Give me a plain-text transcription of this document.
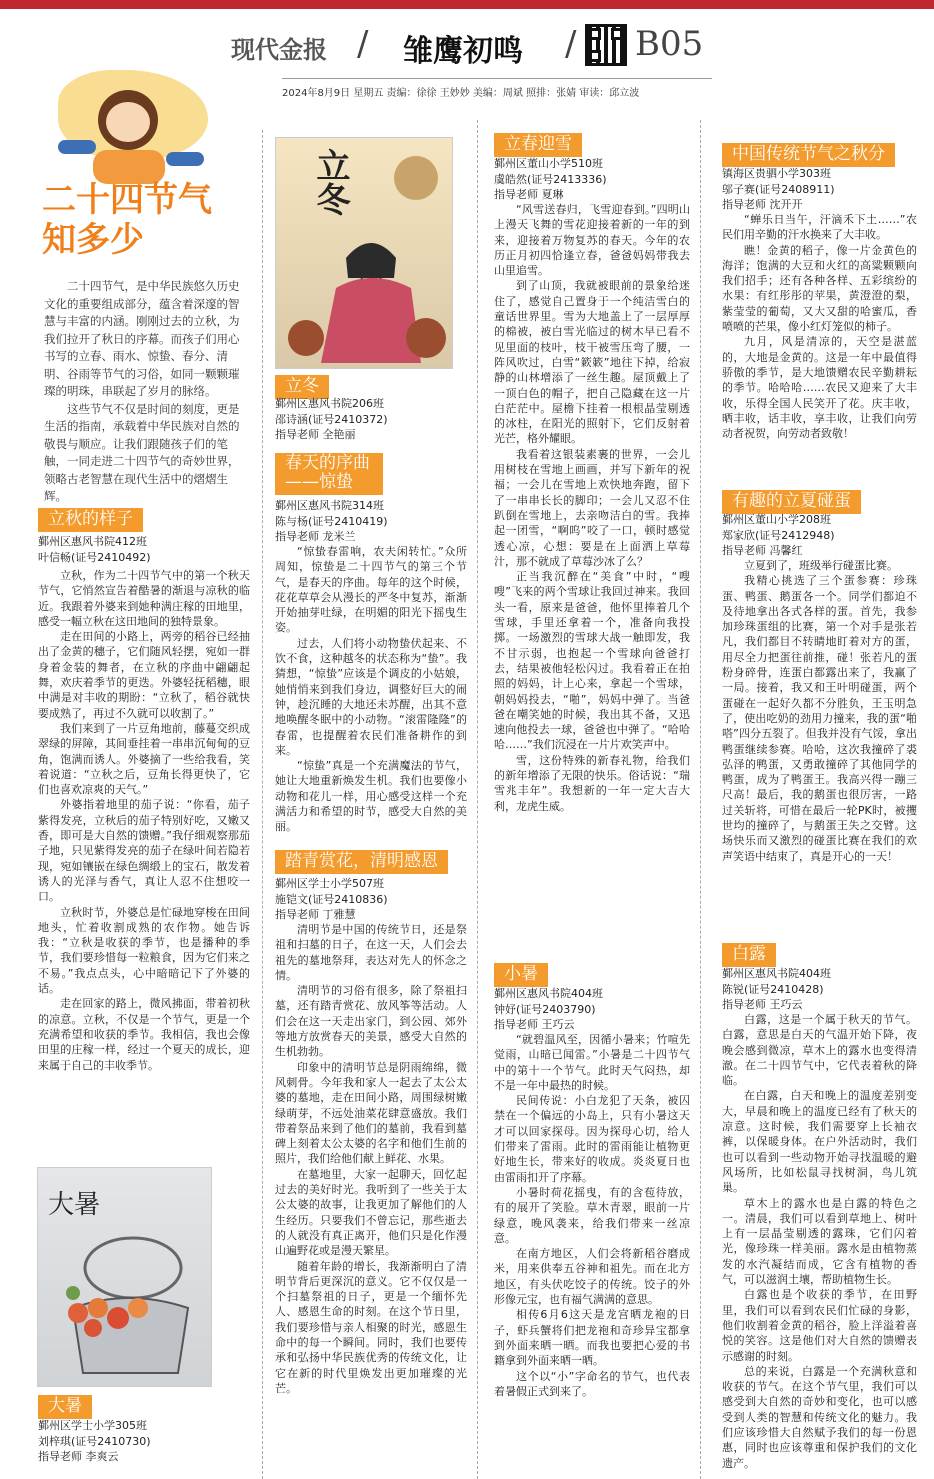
现代金报 / 雏鹰初鸣 / B05
2024年8月9日 星期五 责编：徐徐 王妙妙 美编：周斌 照排：张婧 审读：邱立波
二十四节气
知多少

二十四节气，是中华民族悠久历史文化的重要组成部分，蕴含着深邃的智慧与丰富的内涵。刚刚过去的立秋，为我们拉开了秋日的序幕。而孩子们用心书写的立春、雨水、惊蛰、春分、清明、谷雨等节气的习俗，如同一颗颗璀璨的明珠，串联起了岁月的脉络。

这些节气不仅是时间的刻度，更是生活的指南，承载着中华民族对自然的敬畏与顺应。让我们跟随孩子们的笔触，一同走进二十四节气的奇妙世界，领略古老智慧在现代生活中的熠熠生辉。

立秋的样子
鄞州区惠风书院412班
叶信畅(证号2410492)

立秋，作为二十四节气中的第一个秋天节气，它悄然宣告着酷暑的渐退与凉秋的临近。我跟着外婆来到她种满庄稼的田地里，感受一幅立秋在这田地间的独特景象。

走在田间的小路上，两旁的稻谷已经抽出了金黄的穗子，它们随风轻摆，宛如一群身着金装的舞者，在立秋的序曲中翩翩起舞，欢庆着季节的更迭。外婆轻抚稻穗，眼中满是对丰收的期盼：“立秋了，稻谷就快要成熟了，再过不久就可以收割了。”

我们来到了一片豆角地前，藤蔓交织成翠绿的屏障，其间垂挂着一串串沉甸甸的豆角，饱满而诱人。外婆摘了一些给我看，笑着说道：“立秋之后，豆角长得更快了，它们也喜欢凉爽的天气。”

外婆指着地里的茄子说：“你看，茄子紫得发亮，立秋后的茄子特别好吃，又嫩又香，即可是大自然的馈赠。”我仔细观察那茄子地，只见紫得发亮的茄子在绿叶间若隐若现，宛如镶嵌在绿色绸缎上的宝石，散发着诱人的光泽与香气，真让人忍不住想咬一口。

立秋时节，外婆总是忙碌地穿梭在田间地头，忙着收割成熟的农作物。她告诉我：“立秋是收获的季节，也是播种的季节，我们要珍惜每一粒粮食，因为它们来之不易。”我点点头，心中暗暗记下了外婆的话。

走在回家的路上，微风拂面，带着初秋的凉意。立秋，不仅是一个节气，更是一个充满希望和收获的季节。我相信，我也会像田里的庄稼一样，经过一个夏天的成长，迎来属于自己的丰收季节。

大暑
大暑
鄞州区学士小学305班
刘梓琪(证号2410730)
指导老师 李爽云
立冬
立冬
鄞州区惠风书院206班
邵诗涵(证号2410372)
指导老师 全艳丽
春天的序曲——惊蛰
鄞州区惠风书院314班
陈与杨(证号2410419)
指导老师 龙米兰

“惊蛰春雷响，农夫闲转忙。”众所周知，惊蛰是二十四节气的第三个节气，是春天的序曲。每年的这个时候，花花草草会从漫长的严冬中复苏，渐渐开始抽芽吐绿，在明媚的阳光下摇曳生姿。

过去，人们将小动物蛰伏起来、不饮不食，这种越冬的状态称为“蛰”。我猜想，“惊蛰”应该是个调皮的小姑娘，她悄悄来到我们身边，调整好巨大的闹钟，趁沉睡的大地还未苏醒，出其不意地唤醒冬眠中的小动物。“滚雷隆隆”的春雷，也提醒着农民们准备耕作的到来。

“惊蛰”真是一个充满魔法的节气，她让大地重新焕发生机。我们也要像小动物和花儿一样，用心感受这样一个充满活力和希望的时节，感受大自然的美丽。

踏青赏花，清明感恩
鄞州区学士小学507班
施铠文(证号2410836)
指导老师 丁雅慧

清明节是中国的传统节日，还是祭祖和扫墓的日子，在这一天，人们会去祖先的墓地祭拜，表达对先人的怀念之情。

清明节的习俗有很多，除了祭祖扫墓，还有踏青赏花、放风筝等活动。人们会在这一天走出家门，到公园、郊外等地方放赏春天的美景，感受大自然的生机勃勃。

印象中的清明节总是阴雨绵绵，微风刺骨。今年我和家人一起去了太公太婆的墓地，走在田间小路，周围绿树嫩绿萌芽，不远处油菜花肆意盛放。我们带着祭品来到了他们的墓前，我看到墓碑上刻着太公太婆的名字和他们生前的照片，我们给他们献上鲜花、水果。

在墓地里，大家一起聊天，回忆起过去的美好时光。我听到了一些关于太公太婆的故事，让我更加了解他们的人生经历。只要我们不曾忘记，那些逝去的人就没有真正离开，他们只是化作漫山遍野花或是漫天繁星。

随着年龄的增长，我渐渐明白了清明节背后更深沉的意义。它不仅仅是一个扫墓祭祖的日子，更是一个缅怀先人、感恩生命的时刻。在这个节日里，我们要珍惜与亲人相聚的时光，感恩生命中的每一个瞬间。同时，我们也要传承和弘扬中华民族优秀的传统文化，让它在新的时代里焕发出更加璀璨的光芒。

立春迎雪
鄞州区董山小学510班
虞皓然(证号2413336)
指导老师 夏琳

“风雪送春归，飞雪迎春到。”四明山上漫天飞舞的雪花迎接着新的一年的到来，迎接着万物复苏的春天。今年的农历正月初四恰逢立春，爸爸妈妈带我去山里追雪。

到了山顶，我就被眼前的景象给迷住了，感觉自己置身于一个纯洁雪白的童话世界里。雪为大地盖上了一层厚厚的棉被，被白雪光临过的树木早已看不见里面的枝叶，枝干被雪压弯了腰，一阵风吹过，白雪“簌簌”地往下掉，给寂静的山林增添了一丝生趣。屋顶戴上了一顶白色的帽子，把自己隐藏在这一片白茫茫中。屋檐下挂着一根根晶莹剔透的冰柱，在阳光的照射下，它们反射着光芒，格外耀眼。

我看着这银装素裹的世界，一会儿用树枝在雪地上画画，并写下新年的祝福；一会儿在雪地上欢快地奔跑，留下了一串串长长的脚印；一会儿又忍不住趴倒在雪地上，去亲吻洁白的雪。我捧起一团雪，“啊呜”咬了一口，顿时感觉透心凉，心想：要是在上面洒上草莓汁，那不就成了草莓沙冰了么？

正当我沉醉在“美食”中时，“嗖嗖”飞来的两个雪球让我回过神来。我回头一看，原来是爸爸，他怀里捧着几个雪球，手里还拿着一个，准备向我投掷。一场激烈的雪球大战一触即发，我不甘示弱，也抱起一个雪球向爸爸打去，结果被他轻松闪过。我看着正在拍照的妈妈，计上心来，拿起一个雪球，朝妈妈投去，“啪”，妈妈中弹了。当爸爸在嘲笑她的时候，我出其不备，又迅速向他投去一球，爸爸也中弹了。“哈哈哈……”我们沉浸在一片片欢笑声中。

雪，这份特殊的新春礼物，给我们的新年增添了无限的快乐。俗话说：“瑞雪兆丰年”。我想新的一年一定大吉大利，龙虎生威。

小暑
鄞州区惠风书院404班
钟妤(证号2403790)
指导老师 王巧云

“就碧温风至，因循小暑来；竹喧先觉雨，山暗已闻雷。”小暑是二十四节气中的第十一个节气。此时天气闷热，却不是一年中最热的时候。

民间传说：小白龙犯了天条，被囚禁在一个偏远的小岛上，只有小暑这天才可以回家探母。因为探母心切，给人们带来了雷雨。此时的雷雨能让植物更好地生长，带来好的收成。炎炎夏日也由雷雨扣开了序幕。

小暑时荷花摇曳，有的含苞待放，有的展开了笑脸。草木青翠，眼前一片绿意，晚风袭来，给我们带来一丝凉意。

在南方地区，人们会将新稻谷磨成米，用来供奉五谷神和祖先。而在北方地区，有头伏吃饺子的传统。饺子的外形像元宝，也有福气满满的意思。

相传6月6这天是龙宫晒龙袍的日子，虾兵蟹将们把龙袍和奇珍异宝都拿到外面来晒一晒。而我也要把心爱的书籍拿到外面来晒一晒。

这个以“小”字命名的节气，也代表着暑假正式到来了。

中国传统节气之秋分
镇海区贵驷小学303班
邬子赛(证号2408911)
指导老师 沈开开

“蝉乐日当午，汗滴禾下土……”农民们用辛勤的汗水换来了大丰收。

瞧！金黄的稻子，像一片金黄色的海洋；饱满的大豆和火红的高粱颗颗向我们招手；还有各种各样、五彩缤纷的水果：有红彤彤的苹果，黄澄澄的梨，紫莹莹的葡萄，又大又甜的哈蜜瓜，香喷喷的芒果，像小红灯笼似的柿子。

九月，风是清凉的，天空是湛蓝的，大地是金黄的。这是一年中最值得骄傲的季节，是大地馈赠农民辛勤耕耘的季节。哈哈哈……农民又迎来了大丰收，乐得全国人民笑开了花。庆丰收，晒丰收，话丰收，享丰收，让我们向劳动者祝贺，向劳动者致敬！

有趣的立夏碰蛋
鄞州区董山小学208班
郑家欣(证号2412948)
指导老师 冯馨红

立夏到了，班级举行碰蛋比赛。

我精心挑选了三个蛋参赛：珍珠蛋、鸭蛋、鹅蛋各一个。同学们都迫不及待地拿出各式各样的蛋。首先，我参加珍珠蛋组的比赛，第一个对手是张若凡，我们都目不转睛地盯着对方的蛋，用尽全力把蛋往前推，碰！张若凡的蛋粉身碎骨，连蛋白都露出来了，我赢了一局。接着，我又和王叶明碰蛋，两个蛋碰在一起好久都不分胜负，王玉明急了，使出吃奶的劲用力撞来，我的蛋“啪嗒”四分五裂了。但我并没有气馁，拿出鸭蛋继续参赛。哈哈，这次我撞碎了裘弘泽的鸭蛋，又勇敢撞碎了其他同学的鸭蛋，成为了鸭蛋王。我高兴得一蹦三尺高！最后，我的鹅蛋也很厉害，一路过关斩将，可惜在最后一轮PK时，被攫世均的撞碎了，与鹅蛋王失之交臂。这场快乐而又激烈的碰蛋比赛在我们的欢声笑语中结束了，真是开心的一天！

白露
鄞州区惠风书院404班
陈锐(证号2410428)
指导老师 王巧云

白露，这是一个属于秋天的节气。白露，意思是白天的气温开始下降，夜晚会感到微凉，草木上的露水也变得清澈。在二十四节气中，它代表着秋的降临。

在白露，白天和晚上的温度差别变大，早晨和晚上的温度已经有了秋天的凉意。这时候，我们需要穿上长袖衣裤，以保暖身体。在户外活动时，我们也可以看到一些动物开始寻找温暖的避风场所，比如松鼠寻找树洞，鸟儿筑巢。

草木上的露水也是白露的特色之一。清晨，我们可以看到草地上、树叶上有一层晶莹剔透的露珠，它们闪着光，像珍珠一样美丽。露水是由植物蒸发的水汽凝结而成，它含有植物的香气，可以滋润土壤，帮助植物生长。

白露也是个收获的季节，在田野里，我们可以看到农民们忙碌的身影，他们收割着金黄的稻谷，脸上洋溢着喜悦的笑容。这是他们对大自然的馈赠表示感谢的时刻。

总的来说，白露是一个充满秋意和收获的节气。在这个节气里，我们可以感受到大自然的奇妙和变化，也可以感受到人类的智慧和传统文化的魅力。我们应该珍惜大自然赋予我们的每一份恩惠，同时也应该尊重和保护我们的文化遗产。
